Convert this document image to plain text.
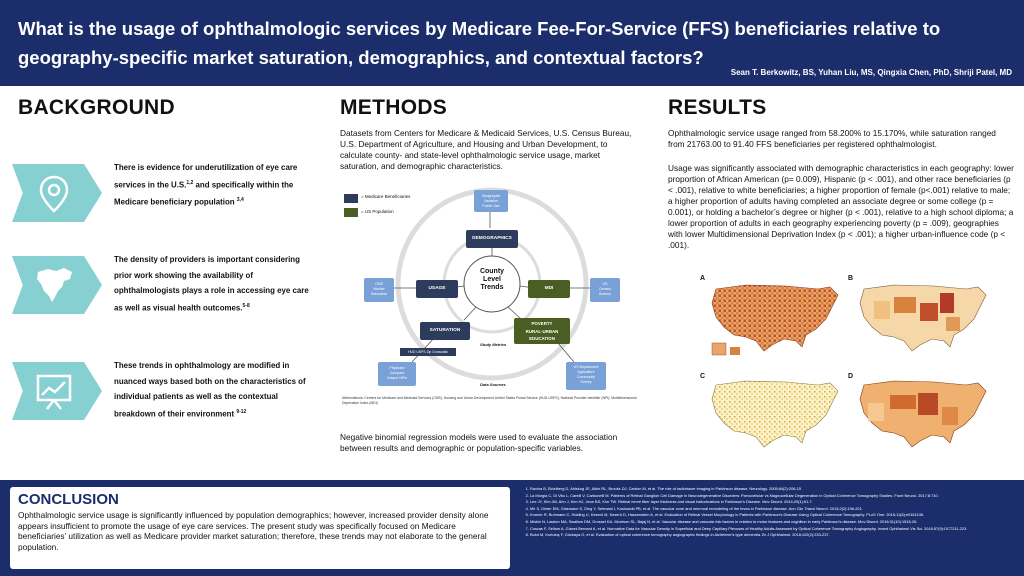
What is the usage of ophthalmologic services by Medicare Fee-For-Service (FFS) beneficiaries relative to geography-specific market saturation, demographics, and contextual factors?
Sean T. Berkowitz, BS, Yuhan Liu, MS, Qingxia Chen, PhD, Shriji Patel, MD
BACKGROUND
There is evidence for underutilization of eye care services in the U.S.$^{1,2}$ and specifically within the Medicare beneficiary population $^{3,4}$
The density of providers is important considering prior work showing the availability of ophthalmologists plays a role in accessing eye care as well as visual health outcomes.$^{5-8}$
These trends in ophthalmology are modified in nuanced ways based both on the characteristics of individual patients as well as the contextual breakdown of their environment $^{9-12}$
METHODS
Datasets from Centers for Medicare & Medicaid Services, U.S. Census Bureau, U.S. Department of Agriculture, and Housing and Urban Development, to calculate county- and state-level ophthalmologic service usage, market saturation, and demographic characteristics.
= Medicare Beneficiaries
= US Population
County
Level
Trends
DEMOGRAPHICS
USAGE	MDI
SATURATION
POVERTY
RURAL-URBAN
EDUCATION
Geographic
Variation
Public Use
CMS
Market
Saturation
US
Census
Bureau
HUD USPS Zip Crosswalk
Physician
Compare
Unique NPIs
US Department
Agriculture
Community
Survey
Study Metrics
Data Sources
Abbreviations: Centers for Medicare and Medicaid Services (CMS), Housing and Urban Development United States Postal Service (HUD-USPS), National Provider Identifier (NPI), Multidimensional Deprivation Index (MDI)
Negative binomial regression models were used to evaluate the association between results and demographic or population-specific variables.
RESULTS
Ophthalmologic service usage ranged from 58.200% to 15.170%, while saturation ranged from 21763.00 to 91.40 FFS beneficiaries per registered ophthalmologist.
Usage was significantly associated with demographic characteristics in each geography: lower proportion of African American (p= 0.009), Hispanic (p < .001), and other race beneficiaries (p < .001), relative to white beneficiaries; a higher proportion of female (p<.001) relative to male; a higher proportion of adults having completed an associate degree or some college (p = 0.001), or holding a bachelor’s degree or higher (p < .001), relative to a high school diploma; a lower proportion of adults in each geography experiencing poverty (p = .009), geographies with lower Multidimensional Deprivation Index (p < .001); a higher urban-influence code (p < .001).
A	B
C	D
CONCLUSION

Ophthalmologic service usage is significantly influenced by population demographics; however, increased provider density alone appears insufficient to promote the usage of eye care services. The present study was specifically focused on Medicare beneficiaries’ utilization as well as Medicare provider market saturation; therefore, these trends may not elaborate to the general population.

1. Ravina B, Eidelberg D, Ahlskog JE, Albin RL, Brooks DJ, Carbon M, et al. The role of radiotracer imaging in Parkinson disease. Neurology. 2005;64(2):208-15
2. La Morgia C, Di Vito L, Carelli V, Carbonelli M. Patterns of Retinal Ganglion Cell Damage in Neurodegenerative Disorders: Parvocellular vs Magnocellular Degeneration in Optical Coherence Tomography Studies. Front Neurol. 2017;8:710.
3. Lee JY, Kim JM, Ahn J, Kim HJ, Jeon BS, Kim TW. Retinal nerve fiber layer thickness and visual hallucinations in Parkinson's Disease. Mov Disord. 2014;29(1):61-7.
4. Mir S, Dinter EM, Glasmann S, Ding Y, Selewski I, Koslowski PB, et al. The vascular zone and neuronal remodeling of the fovea in Parkinson disease. Ann Clin Transl Neurol. 2015;2(2):196-201.
5. Kromer R, Buhmann C, Hidding U, Keserü M, Keserü D, Hassenstein A, et al. Evaluation of Retinal Vessel Morphology in Patients with Parkinson's Disease Using Optical Coherence Tomography. PLoS One. 2016;11(8):e0161136.
6. Miskin N, Lawton MA, Swallow DM, Grosset KA, Morrison SL, Bajaj N, et al. Vascular disease and vascular risk factors in relation to motor features and cognition in early Parkinson's disease. Mov Disord. 2016;31(10):1518-26.
7. Coscas F, Sellam A, Glacet-Bernard A, et al. Normative Data for Vascular Density in Superficial and Deep Capillary Plexuses of Healthy Adults Assessed by Optical Coherence Tomography Angiography. Invest Ophthalmol Vis Sci. 2016;57(9):OCT211-223.
8. Bulut M, Kurtuluş F, Gözkaya O, et al. Evaluation of optical coherence tomography angiographic findings in Alzheimer's type dementia. Br J Ophthalmol. 2018;102(2):233-237.
